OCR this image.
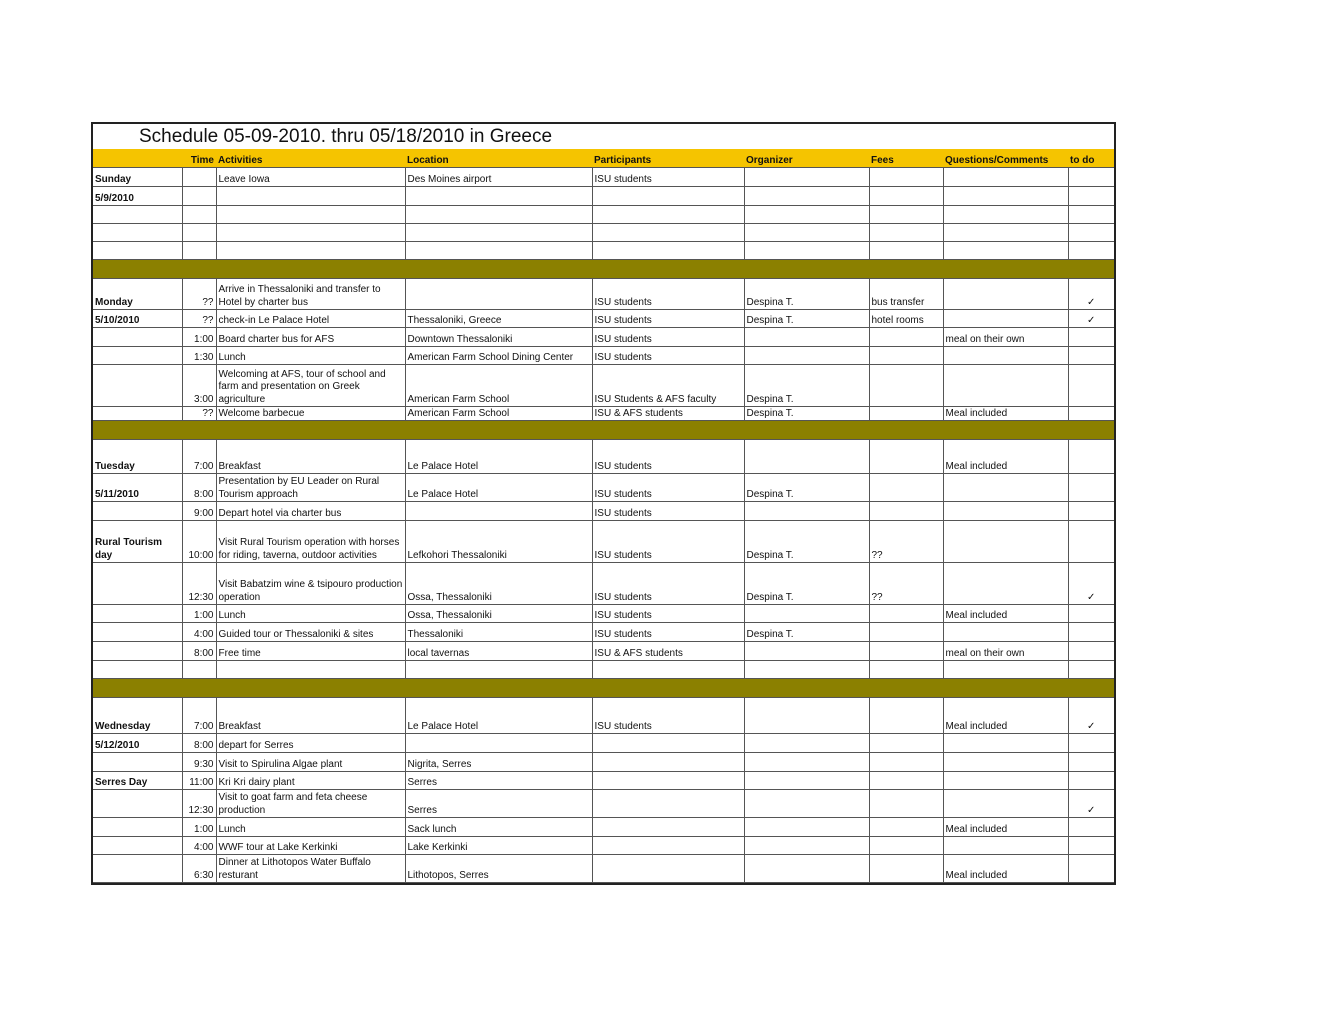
Schedule 05-09-2010. thru 05/18/2010 in Greece
	Time	Activities	Location	Participants	Organizer	Fees	Questions/Comments	to do
Sunday		Leave Iowa	Des Moines airport	ISU students				
5/9/2010								

Monday	??	Arrive in Thessaloniki and transfer to Hotel by charter bus		ISU students	Despina T.	bus transfer		✓
5/10/2010	??	check-in Le Palace Hotel	Thessaloniki, Greece	ISU students	Despina T.	hotel rooms		✓
	1:00	Board charter bus for AFS	Downtown Thessaloniki	ISU students			meal on their own	
	1:30	Lunch	American Farm School Dining Center	ISU students				
	3:00	Welcoming at AFS, tour of school and farm and presentation on Greek agriculture	American Farm School	ISU Students & AFS faculty	Despina T.			
	??	Welcome barbecue	American Farm School	ISU & AFS students	Despina T.		Meal included	

Tuesday	7:00	Breakfast	Le Palace Hotel	ISU students			Meal included	
5/11/2010	8:00	Presentation by EU Leader on Rural Tourism approach	Le Palace Hotel	ISU students	Despina T.			
	9:00	Depart hotel via charter bus		ISU students				
Rural Tourism day	10:00	Visit Rural Tourism operation with horses for riding, taverna, outdoor activities	Lefkohori Thessaloniki	ISU students	Despina T.	??		
	12:30	Visit Babatzim wine & tsipouro production operation	Ossa, Thessaloniki	ISU students	Despina T.	??		✓
	1:00	Lunch	Ossa, Thessaloniki	ISU students			Meal included	
	4:00	Guided tour or Thessaloniki & sites	Thessaloniki	ISU students	Despina T.			
	8:00	Free time	local tavernas	ISU & AFS students			meal on their own	

Wednesday	7:00	Breakfast	Le Palace Hotel	ISU students			Meal included	✓
5/12/2010	8:00	depart for Serres						
	9:30	Visit to Spirulina Algae plant	Nigrita, Serres					
Serres Day	11:00	Kri Kri dairy plant	Serres					
	12:30	Visit to goat farm and feta cheese production	Serres					✓
	1:00	Lunch	Sack lunch				Meal included	
	4:00	WWF tour at Lake Kerkinki	Lake Kerkinki					
	6:30	Dinner at Lithotopos Water Buffalo resturant	Lithotopos, Serres				Meal included	
